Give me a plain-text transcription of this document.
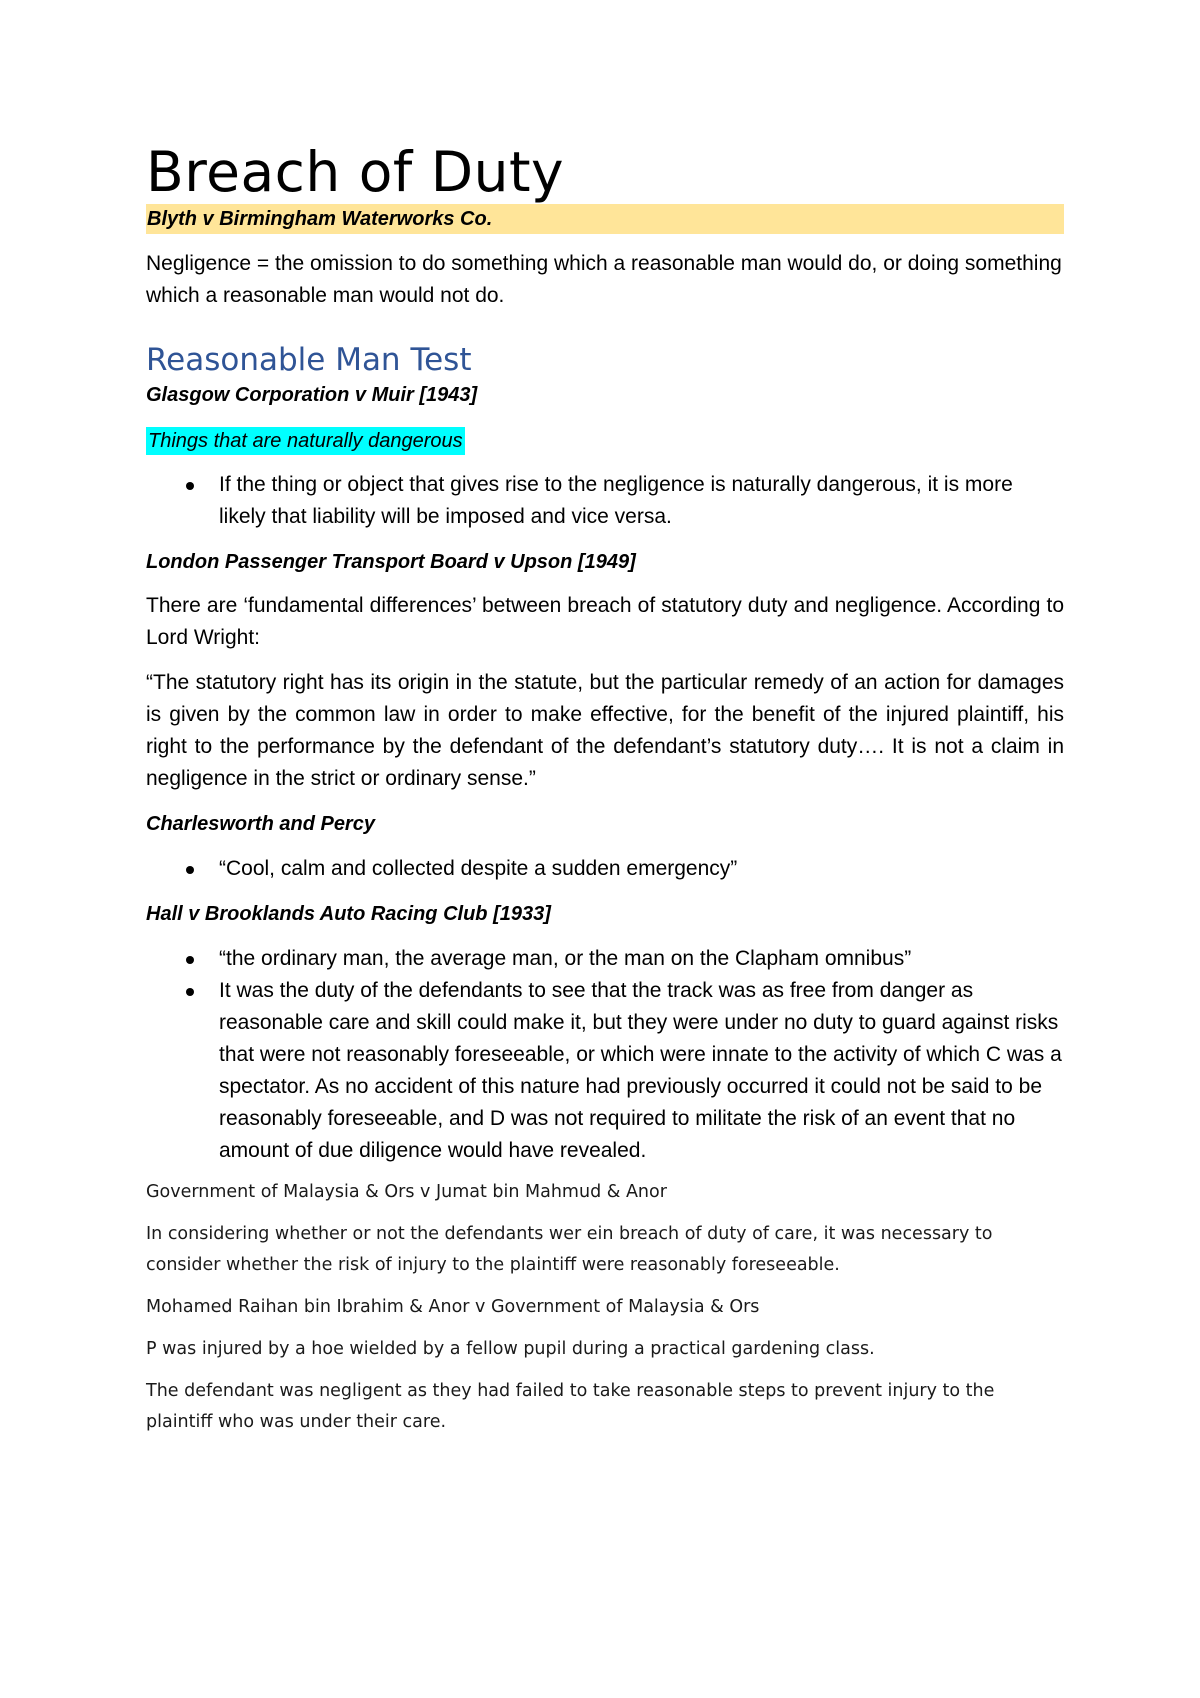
Breach of Duty
Blyth v Birmingham Waterworks Co.

Negligence = the omission to do something which a reasonable man would do, or doing something which a reasonable man would not do.

Reasonable Man Test

Glasgow Corporation v Muir [1943]

Things that are naturally dangerous
If the thing or object that gives rise to the negligence is naturally dangerous, it is more likely that liability will be imposed and vice versa.

London Passenger Transport Board v Upson [1949]

There are ‘fundamental differences’ between breach of statutory duty and negligence. According to Lord Wright:

“The statutory right has its origin in the statute, but the particular remedy of an action for damages is given by the common law in order to make effective, for the benefit of the injured plaintiff, his right to the performance by the defendant of the defendant’s statutory duty…. It is not a claim in negligence in the strict or ordinary sense.”

Charlesworth and Percy

“Cool, calm and collected despite a sudden emergency”

Hall v Brooklands Auto Racing Club [1933]

“the ordinary man, the average man, or the man on the Clapham omnibus”
It was the duty of the defendants to see that the track was as free from danger as reasonable care and skill could make it, but they were under no duty to guard against risks that were not reasonably foreseeable, or which were innate to the activity of which C was a spectator. As no accident of this nature had previously occurred it could not be said to be reasonably foreseeable, and D was not required to militate the risk of an event that no amount of due diligence would have revealed.

Government of Malaysia & Ors v Jumat bin Mahmud & Anor

In considering whether or not the defendants wer ein breach of duty of care, it was necessary to consider whether the risk of injury to the plaintiff were reasonably foreseeable.

Mohamed Raihan bin Ibrahim & Anor v Government of Malaysia & Ors

P was injured by a hoe wielded by a fellow pupil during a practical gardening class.

The defendant was negligent as they had failed to take reasonable steps to prevent injury to the plaintiff who was under their care.
